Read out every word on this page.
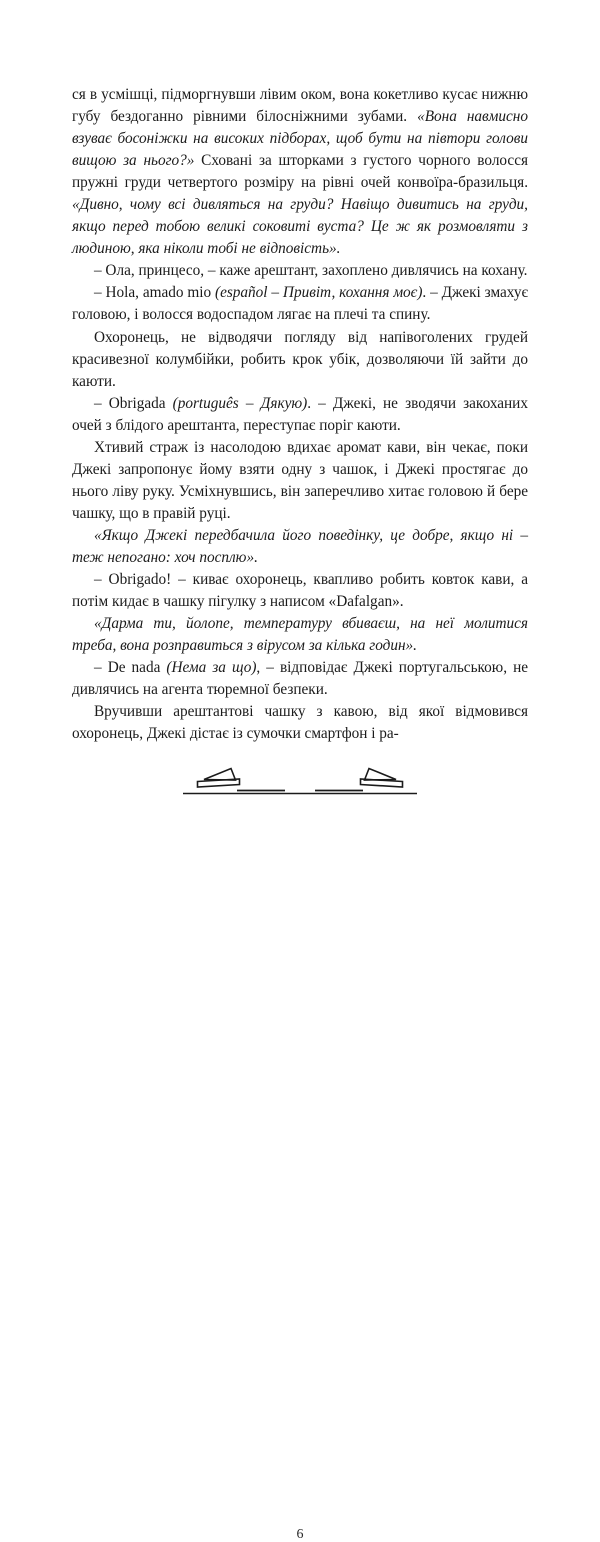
ся в усмішці, підморгнувши лівим оком, вона кокетливо кусає нижню губу бездоганно рівними білосніжними зубами. «Вона навмисно взуває босоніжки на високих підборах, щоб бути на півтори голови вищою за нього?» Сховані за шторками з густого чорного волосся пружні груди четвертого розміру на рівні очей конвоїра-бразильця. «Дивно, чому всі дивляться на груди? Навіщо дивитись на груди, якщо перед тобою великі соковиті вуста? Це ж як розмовляти з людиною, яка ніколи тобі не відповість».

– Ола, принцесо, – каже арештант, захоплено дивлячись на кохану.

– Hola, amado mio (español – Привіт, кохання моє). – Джекі змахує головою, і волосся водоспадом лягає на плечі та спину.

Охоронець, не відводячи погляду від напівоголених грудей красивезної колумбійки, робить крок убік, дозволяючи їй зайти до каюти.

– Obrigada (português – Дякую). – Джекі, не зводячи закоханих очей з блідого арештанта, переступає поріг каюти.

Хтивий страж із насолодою вдихає аромат кави, він чекає, поки Джекі запропонує йому взяти одну з чашок, і Джекі простягає до нього ліву руку. Усміхнувшись, він заперечливо хитає головою й бере чашку, що в правій руці.

«Якщо Джекі передбачила його поведінку, це добре, якщо ні – теж непогано: хоч посплю».

– Obrigado! – киває охоронець, квапливо робить ковток кави, а потім кидає в чашку пігулку з написом «Dafalgan».

«Дарма ти, йолопе, температуру вбиваєш, на неї молитися треба, вона розправиться з вірусом за кілька годин».

– De nada (Нема за що), – відповідає Джекі португальською, не дивлячись на агента тюремної безпеки.

Вручивши арештантові чашку з кавою, від якої відмовився охоронець, Джекі дістає із сумочки смартфон і ра-

6
